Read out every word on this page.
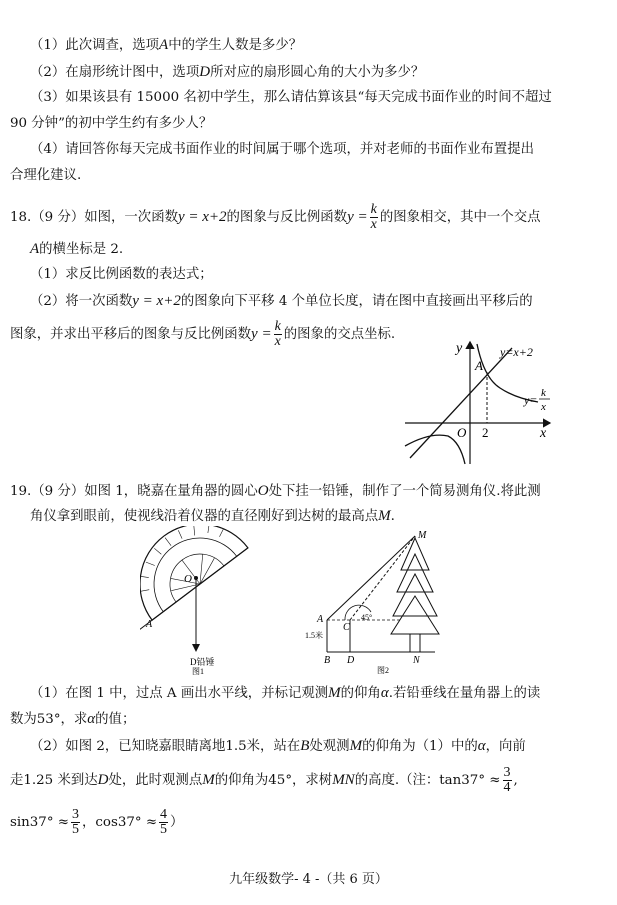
（1）此次调查，选项A中的学生人数是多少？
（2）在扇形统计图中，选项D所对应的扇形圆心角的大小为多少？
（3）如果该县有 15000 名初中学生，那么请估算该县“每天完成书面作业的时间不超过
90 分钟”的初中学生约有多少人？
（4）请回答你每天完成书面作业的时间属于哪个选项，并对老师的书面作业布置提出
合理化建议.
18.（9 分）如图，一次函数y = x+2的图象与反比例函数$y = \frac{k}{x}$ 的图象相交，其中一个交点
A的横坐标是 2.
（1）求反比例函数的表达式；
（2）将一次函数y = x+2的图象向下平移 4 个单位长度，请在图中直接画出平移后的
图象，并求出平移后的图象与反比例函数$y = \frac{k}{x}$ 的图象的交点坐标.
y
x
O 2
A
y=x+2
y= k
x
19.（9 分）如图 1，晓嘉在量角器的圆心O处下挂一铅锤，制作了一个简易测角仪.将此测
角仪拿到眼前，使视线沿着仪器的直径刚好到达树的最高点M.
O
A
D铅锤
图1
M
A
C
45°
1.5米
B D	N
图2
（1）在图 1 中，过点 A 画出水平线，并标记观测M的仰角α.若铅垂线在量角器上的读
数为53°，求α的值；
（2）如图 2，已知晓嘉眼睛离地1.5米，站在B处观测M的仰角为（1）中的α，向前
走1.25 米到达D处，此时观测点M的仰角为45°，求树MN的高度.（注：$\tan 37^\circ \approx \frac{3}{4}$ ,
$\sin 37^\circ \approx \frac{3}{5}$ ，$\cos 37^\circ \approx \frac{4}{5}$ ）
九年级数学- 4 -（共 6 页）
